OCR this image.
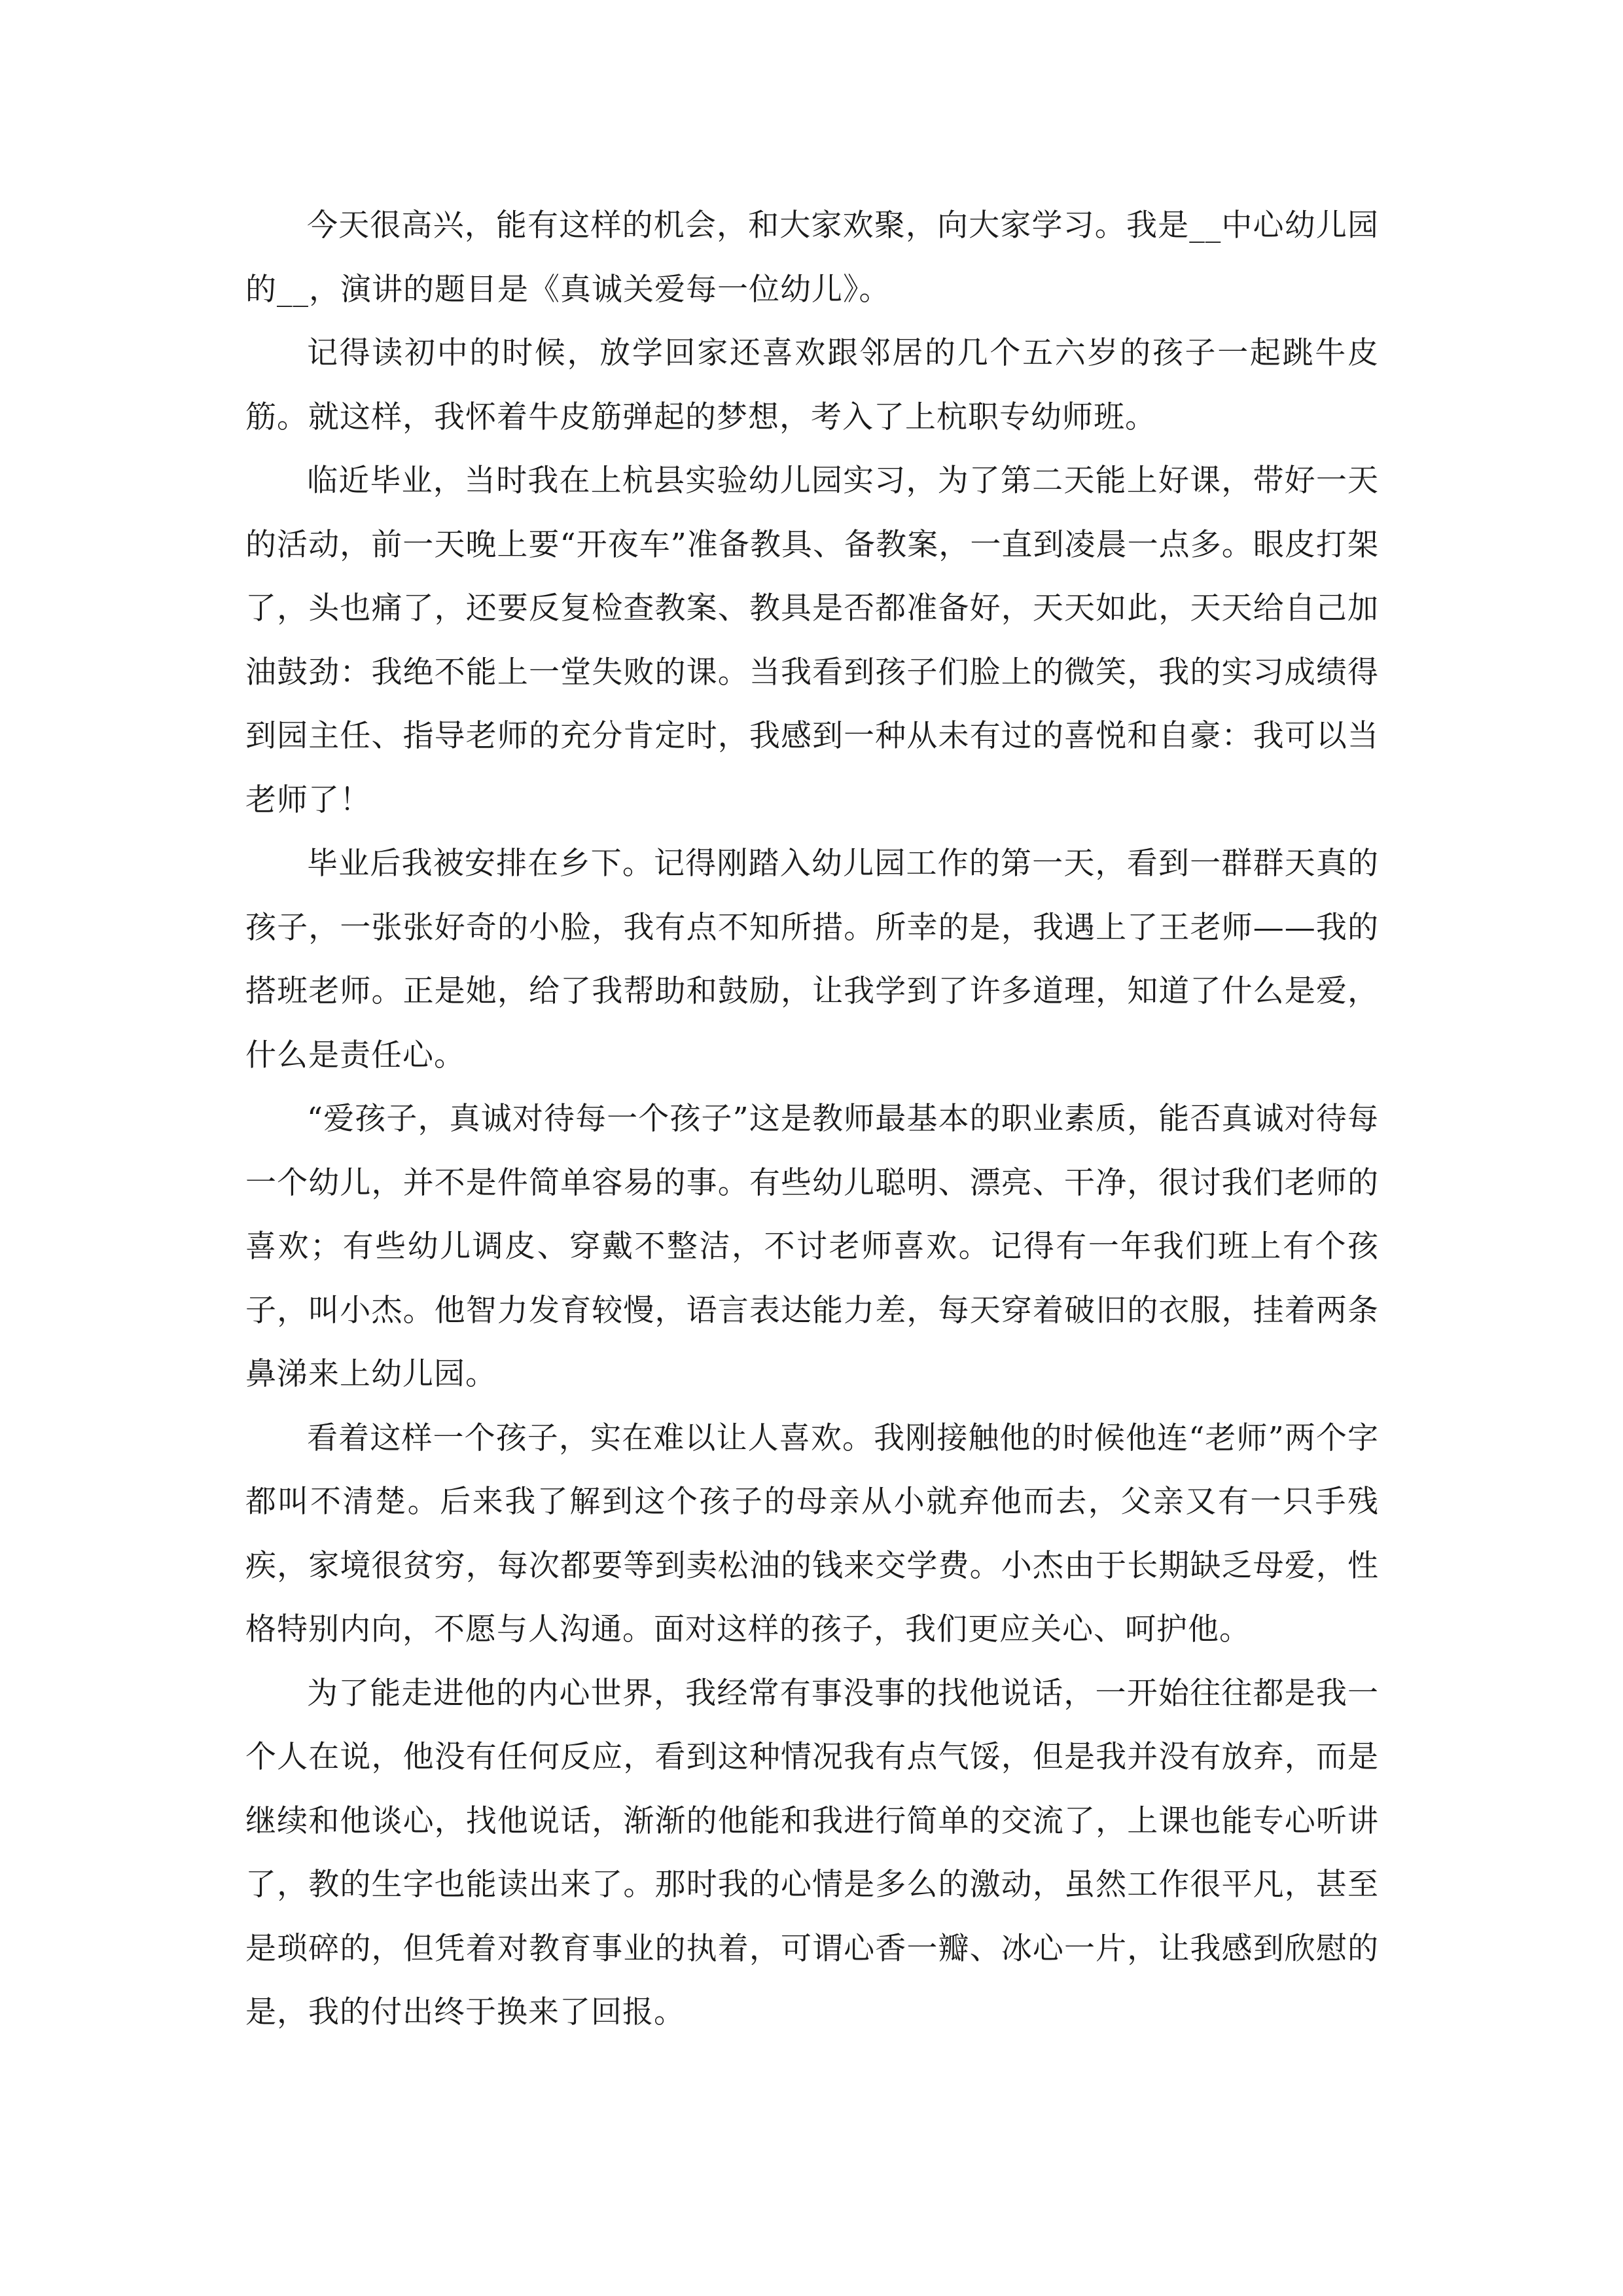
今天很高兴，能有这样的机会，和大家欢聚，向大家学习。我是__中心幼儿园的__，演讲的题目是《真诚关爱每一位幼儿》。

记得读初中的时候，放学回家还喜欢跟邻居的几个五六岁的孩子一起跳牛皮筋。就这样，我怀着牛皮筋弹起的梦想，考入了上杭职专幼师班。

临近毕业，当时我在上杭县实验幼儿园实习，为了第二天能上好课，带好一天的活动，前一天晚上要“开夜车”准备教具、备教案，一直到凌晨一点多。眼皮打架了，头也痛了，还要反复检查教案、教具是否都准备好，天天如此，天天给自己加油鼓劲：我绝不能上一堂失败的课。当我看到孩子们脸上的微笑，我的实习成绩得到园主任、指导老师的充分肯定时，我感到一种从未有过的喜悦和自豪：我可以当老师了！

毕业后我被安排在乡下。记得刚踏入幼儿园工作的第一天，看到一群群天真的孩子，一张张好奇的小脸，我有点不知所措。所幸的是，我遇上了王老师——我的搭班老师。正是她，给了我帮助和鼓励，让我学到了许多道理，知道了什么是爱，什么是责任心。

“爱孩子，真诚对待每一个孩子”这是教师最基本的职业素质，能否真诚对待每一个幼儿，并不是件简单容易的事。有些幼儿聪明、漂亮、干净，很讨我们老师的喜欢；有些幼儿调皮、穿戴不整洁，不讨老师喜欢。记得有一年我们班上有个孩子，叫小杰。他智力发育较慢，语言表达能力差，每天穿着破旧的衣服，挂着两条鼻涕来上幼儿园。

看着这样一个孩子，实在难以让人喜欢。我刚接触他的时候他连“老师”两个字都叫不清楚。后来我了解到这个孩子的母亲从小就弃他而去，父亲又有一只手残疾，家境很贫穷，每次都要等到卖松油的钱来交学费。小杰由于长期缺乏母爱，性格特别内向，不愿与人沟通。面对这样的孩子，我们更应关心、呵护他。

为了能走进他的内心世界，我经常有事没事的找他说话，一开始往往都是我一个人在说，他没有任何反应，看到这种情况我有点气馁，但是我并没有放弃，而是继续和他谈心，找他说话，渐渐的他能和我进行简单的交流了，上课也能专心听讲了，教的生字也能读出来了。那时我的心情是多么的激动，虽然工作很平凡，甚至是琐碎的，但凭着对教育事业的执着，可谓心香一瓣、冰心一片，让我感到欣慰的是，我的付出终于换来了回报。
